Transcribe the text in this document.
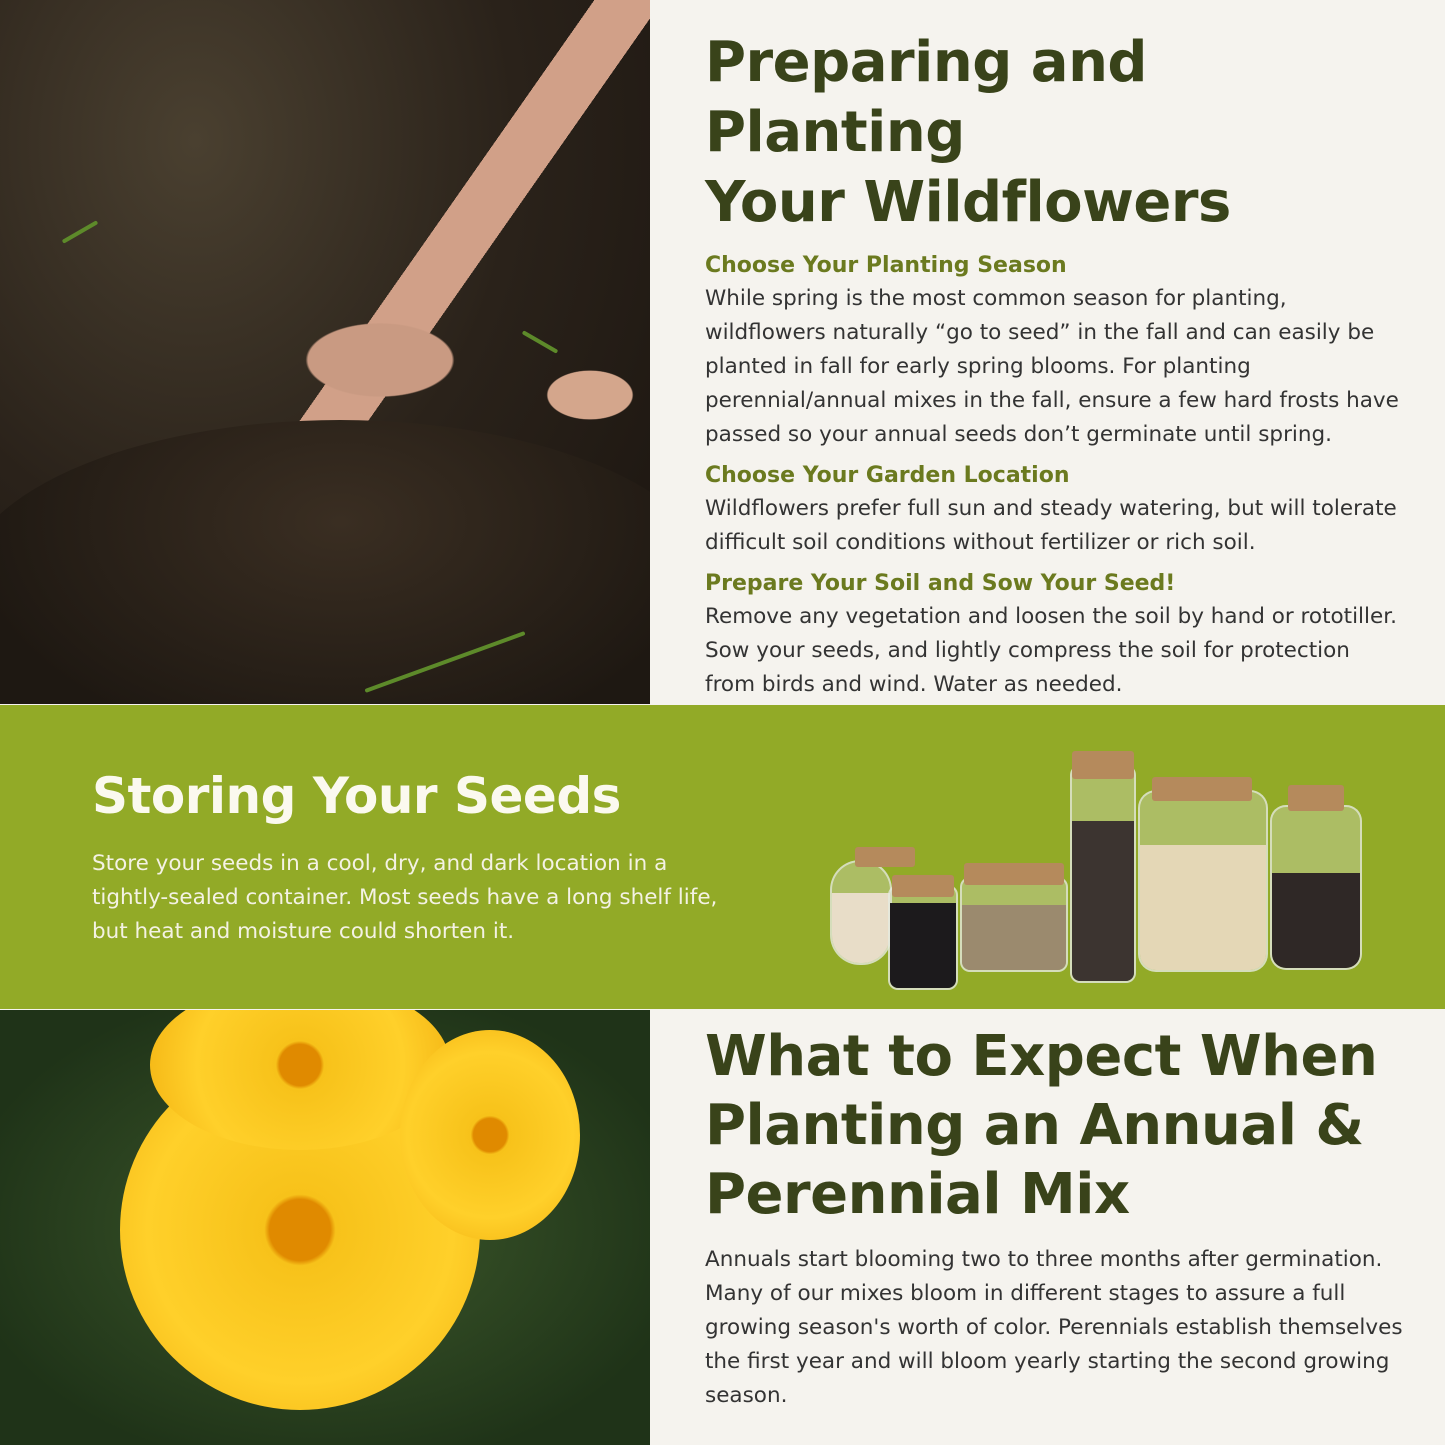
Preparing and Planting
Your Wildflowers
Choose Your Planting Season
While spring is the most common season for planting, wildflowers naturally “go to seed” in the fall and can easily be planted in fall for early spring blooms. For planting perennial/annual mixes in the fall, ensure a few hard frosts have passed so your annual seeds don’t germinate until spring.
Choose Your Garden Location
Wildflowers prefer full sun and steady watering, but will tolerate difficult soil conditions without fertilizer or rich soil.
Prepare Your Soil and Sow Your Seed!
Remove any vegetation and loosen the soil by hand or rototiller. Sow your seeds, and lightly compress the soil for protection from birds and wind. Water as needed.
Storing Your Seeds
Store your seeds in a cool, dry, and dark location in a tightly-sealed container. Most seeds have a long shelf life, but heat and moisture could shorten it.
What to Expect When
Planting an Annual &
Perennial Mix
Annuals start blooming two to three months after germination. Many of our mixes bloom in different stages to assure a full growing season's worth of color. Perennials establish themselves the first year and will bloom yearly starting the second growing season.
